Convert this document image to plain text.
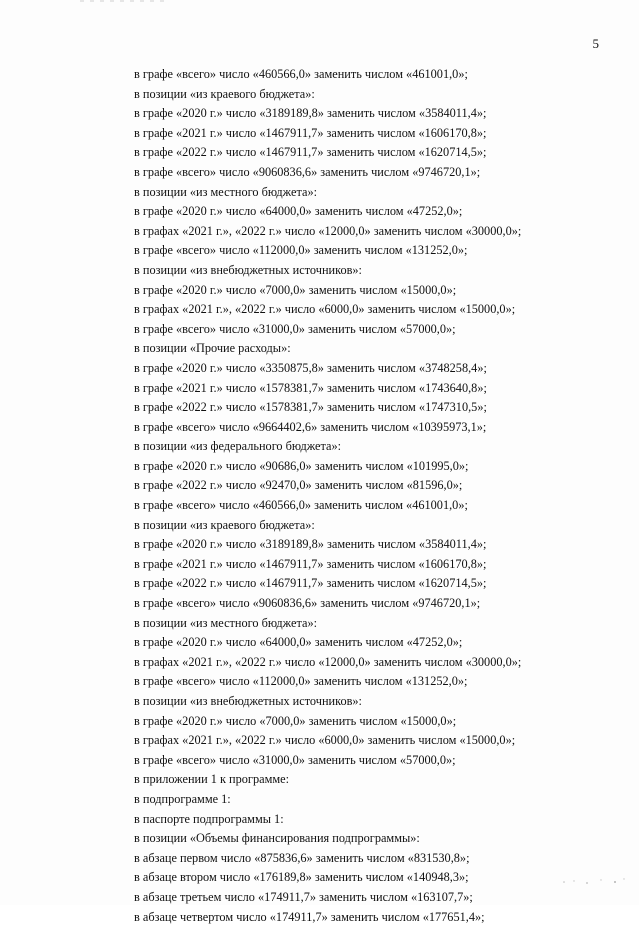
5
в графе «всего» число «460566,0» заменить числом «461001,0»;
в позиции «из краевого бюджета»:
в графе «2020 г.» число «3189189,8» заменить числом «3584011,4»;
в графе «2021 г.» число «1467911,7» заменить числом «1606170,8»;
в графе «2022 г.» число «1467911,7» заменить числом «1620714,5»;
в графе «всего» число «9060836,6» заменить числом «9746720,1»;
в позиции «из местного бюджета»:
в графе «2020 г.» число «64000,0» заменить числом «47252,0»;
в графах «2021 г.», «2022 г.» число «12000,0» заменить числом «30000,0»;
в графе «всего» число «112000,0» заменить числом «131252,0»;
в позиции «из внебюджетных источников»:
в графе «2020 г.» число «7000,0» заменить числом «15000,0»;
в графах «2021 г.», «2022 г.» число «6000,0» заменить числом «15000,0»;
в графе «всего» число «31000,0» заменить числом «57000,0»;
в позиции «Прочие расходы»:
в графе «2020 г.» число «3350875,8» заменить числом «3748258,4»;
в графе «2021 г.» число «1578381,7» заменить числом «1743640,8»;
в графе «2022 г.» число «1578381,7» заменить числом «1747310,5»;
в графе «всего» число «9664402,6» заменить числом «10395973,1»;
в позиции «из федерального бюджета»:
в графе «2020 г.» число «90686,0» заменить числом «101995,0»;
в графе «2022 г.» число «92470,0» заменить числом «81596,0»;
в графе «всего» число «460566,0» заменить числом «461001,0»;
в позиции «из краевого бюджета»:
в графе «2020 г.» число «3189189,8» заменить числом «3584011,4»;
в графе «2021 г.» число «1467911,7» заменить числом «1606170,8»;
в графе «2022 г.» число «1467911,7» заменить числом «1620714,5»;
в графе «всего» число «9060836,6» заменить числом «9746720,1»;
в позиции «из местного бюджета»:
в графе «2020 г.» число «64000,0» заменить числом «47252,0»;
в графах «2021 г.», «2022 г.» число «12000,0» заменить числом «30000,0»;
в графе «всего» число «112000,0» заменить числом «131252,0»;
в позиции «из внебюджетных источников»:
в графе «2020 г.» число «7000,0» заменить числом «15000,0»;
в графах «2021 г.», «2022 г.» число «6000,0» заменить числом «15000,0»;
в графе «всего» число «31000,0» заменить числом «57000,0»;
в приложении 1 к программе:
в подпрограмме 1:
в паспорте подпрограммы 1:
в позиции «Объемы финансирования подпрограммы»:
в абзаце первом число «875836,6» заменить числом «831530,8»;
в абзаце втором число «176189,8» заменить числом «140948,3»;
в абзаце третьем число «174911,7» заменить числом «163107,7»;
в абзаце четвертом число «174911,7» заменить числом «177651,4»;
